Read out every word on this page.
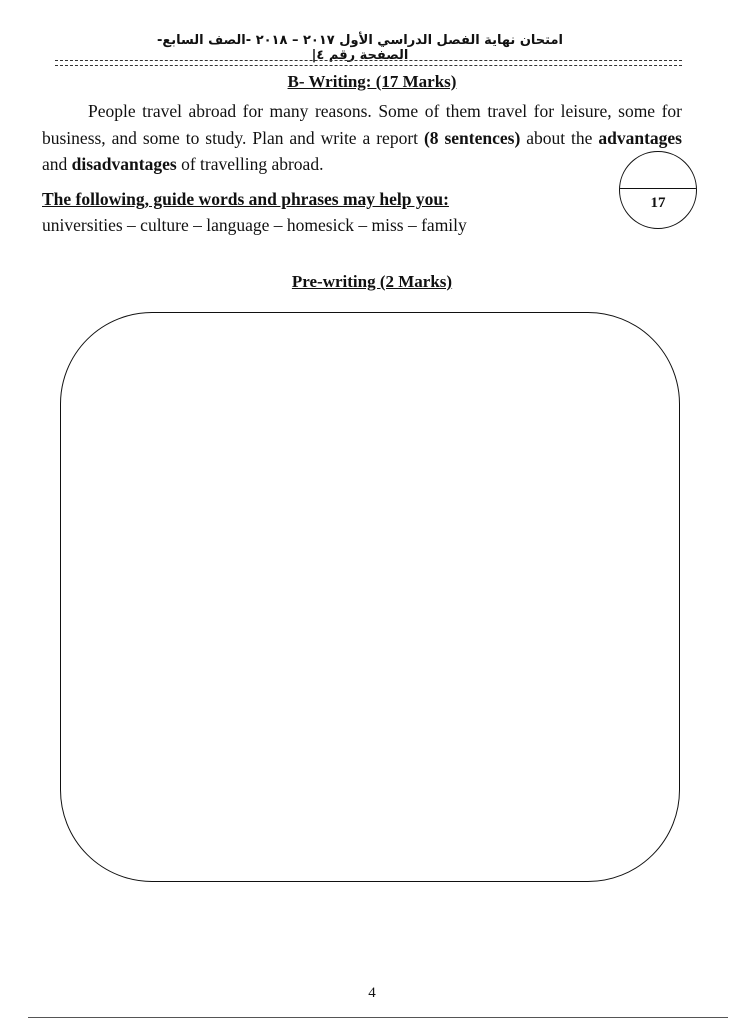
امتحان نهاية الفصل الدراسي الأول ٢٠١٧ – ٢٠١٨ -الصف السابع- الصفحة رقم ٤|
B- Writing: (17 Marks)
People travel abroad for many reasons. Some of them travel for leisure, some for business, and some to study. Plan and write a report (8 sentences) about the advantages and disadvantages of travelling abroad.
17
The following, guide words and phrases may help you:
universities – culture – language – homesick – miss – family
Pre-writing (2 Marks)
4
